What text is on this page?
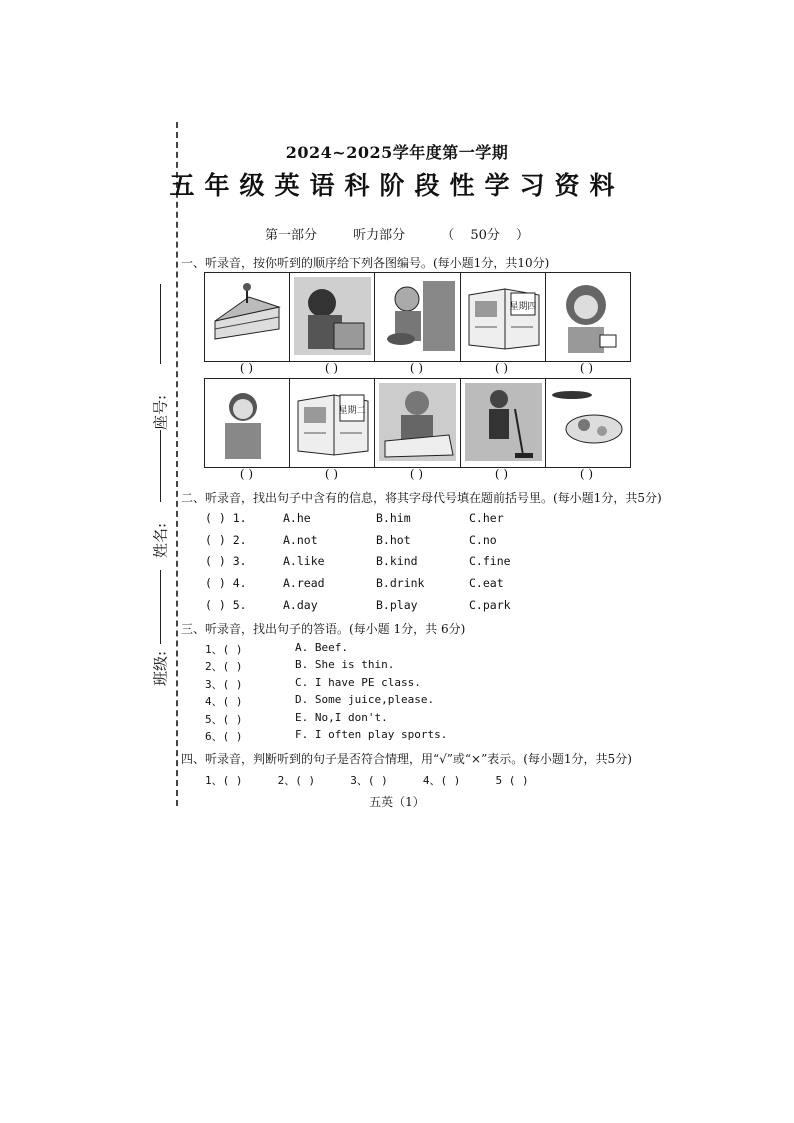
座号:
姓名:
班级:
2024~2025学年度第一学期
五年级英语科阶段性学习资料
第一部分	听力部分	（ 50分 ）
一、听录音，按你听到的顺序给下列各图编号。(每小题1分，共10分)
星期四
( )	( )	( )	( )	( )
星期二
( )	( )	( )	( )	( )
二、听录音，找出句子中含有的信息，将其字母代号填在题前括号里。(每小题1分，共5分)
( ) 1.	A.he	B.him	C.her
( ) 2.	A.not	B.hot	C.no
( ) 3.	A.like	B.kind	C.fine
( ) 4.	A.read	B.drink	C.eat
( ) 5.	A.day	B.play	C.park
三、听录音，找出句子的答语。(每小题 1分，共 6分)
1、( )	A. Beef.
2、( )	B. She is thin.
3、( )	C. I have PE class.
4、( )	D. Some juice,please.
5、( )	E. No,I don't.
6、( )	F. I often play sports.
四、听录音，判断听到的句子是否符合情理，用“√”或“×”表示。(每小题1分，共5分)
1、( )	2、( )	3、( )	4、( )	5 ( )
五英（1）
